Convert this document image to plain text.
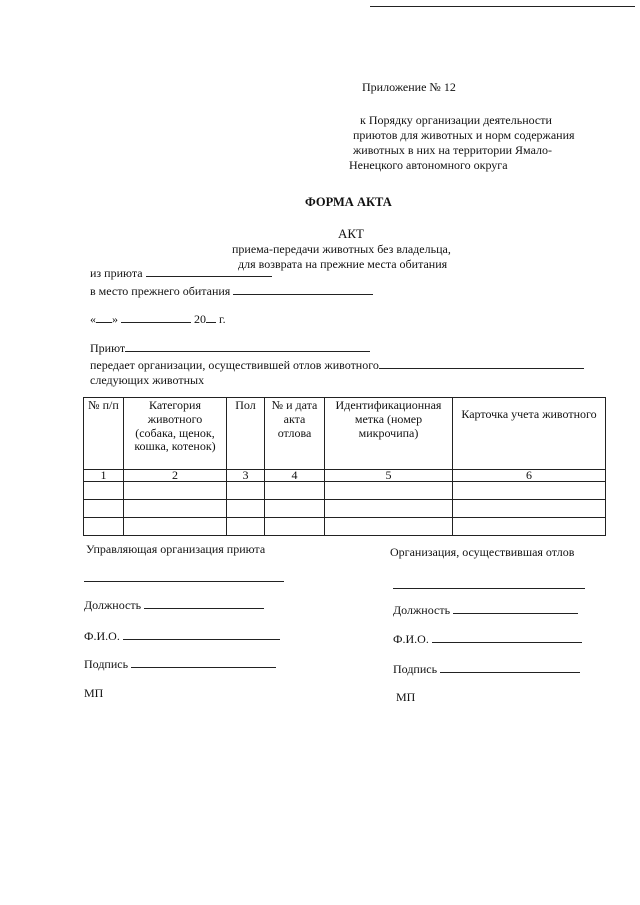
Приложение № 12
к Порядку организации деятельности
приютов для животных и норм содержания
животных в них на территории Ямало-
Ненецкого автономного округа
ФОРМА АКТА
АКТ
приема-передачи животных без владельца,
для возврата на прежние места обитания
из приюта
в место прежнего обитания
« »	20 г.
Приют
передает организации, осуществившей отлов животного
следующих животных
№ п/п	Категория животного (собака, щенок, кошка, котенок)	Пол	№ и дата акта отлова	Идентификационная метка (номер микрочипа)	Карточка учета животного
1	2	3	4	5	6

Управляющая организация приюта
Должность
Ф.И.О.
Подпись
МП
Организация, осуществившая отлов
Должность
Ф.И.О.
Подпись
МП
